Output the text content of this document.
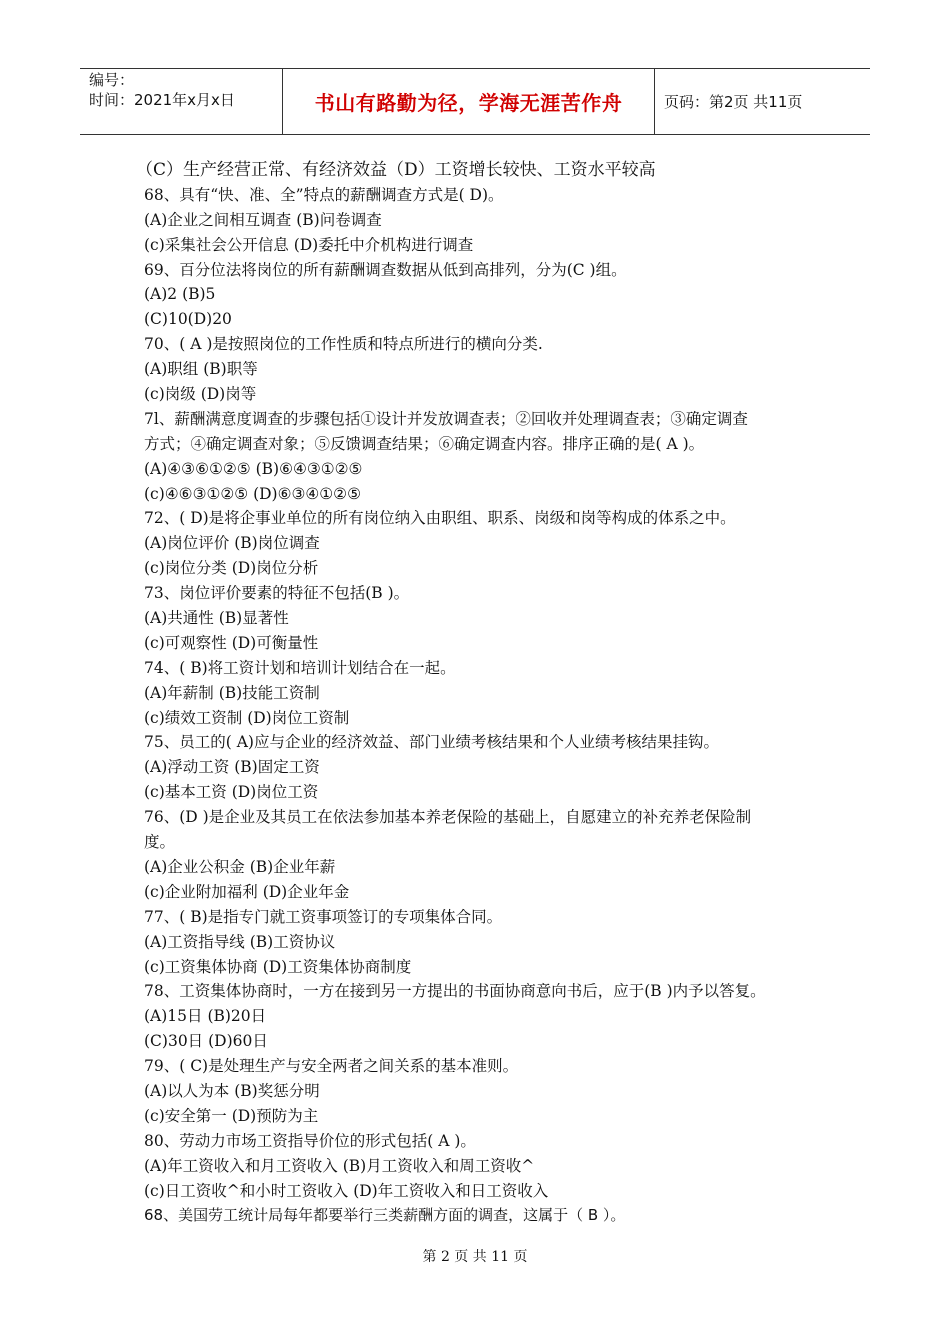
编号：
时间：2021年x月x日	书山有路勤为径，学海无涯苦作舟	页码：第2页 共11页
（C）生产经营正常、有经济效益（D）工资增长较快、工资水平较高
68、具有“快、准、全”特点的薪酬调查方式是( D)。
(A)企业之间相互调查 (B)问卷调查
(c)采集社会公开信息 (D)委托中介机构进行调查
69、百分位法将岗位的所有薪酬调查数据从低到高排列，分为(C )组。
(A)2 (B)5
(C)10(D)20
70、( A )是按照岗位的工作性质和特点所进行的横向分类.
(A)职组 (B)职等
(c)岗级 (D)岗等
7l、薪酬满意度调查的步骤包括①设计并发放调查表；②回收并处理调查表；③确定调查
方式；④确定调查对象；⑤反馈调查结果；⑥确定调查内容。排序正确的是( A )。
(A)④③⑥①②⑤ (B)⑥④③①②⑤
(c)④⑥③①②⑤ (D)⑥③④①②⑤
72、( D)是将企事业单位的所有岗位纳入由职组、职系、岗级和岗等构成的体系之中。
(A)岗位评价 (B)岗位调查
(c)岗位分类 (D)岗位分析
73、岗位评价要素的特征不包括(B )。
(A)共通性 (B)显著性
(c)可观察性 (D)可衡量性
74、( B)将工资计划和培训计划结合在一起。
(A)年薪制 (B)技能工资制
(c)绩效工资制 (D)岗位工资制
75、员工的( A)应与企业的经济效益、部门业绩考核结果和个人业绩考核结果挂钩。
(A)浮动工资 (B)固定工资
(c)基本工资 (D)岗位工资
76、(D )是企业及其员工在依法参加基本养老保险的基础上，自愿建立的补充养老保险制
度。
(A)企业公积金 (B)企业年薪
(c)企业附加福利 (D)企业年金
77、( B)是指专门就工资事项签订的专项集体合同。
(A)工资指导线 (B)工资协议
(c)工资集体协商 (D)工资集体协商制度
78、工资集体协商时，一方在接到另一方提出的书面协商意向书后，应于(B )内予以答复。
(A)15日 (B)20日
(C)30日 (D)60日
79、( C)是处理生产与安全两者之间关系的基本准则。
(A)以人为本 (B)奖惩分明
(c)安全第一 (D)预防为主
80、劳动力市场工资指导价位的形式包括( A )。
(A)年工资收入和月工资收入 (B)月工资收入和周工资收^
(c)日工资收^和小时工资收入 (D)年工资收入和日工资收入
68、美国劳工统计局每年都要举行三类薪酬方面的调查，这属于（ B ）。
第 2 页 共 11 页
